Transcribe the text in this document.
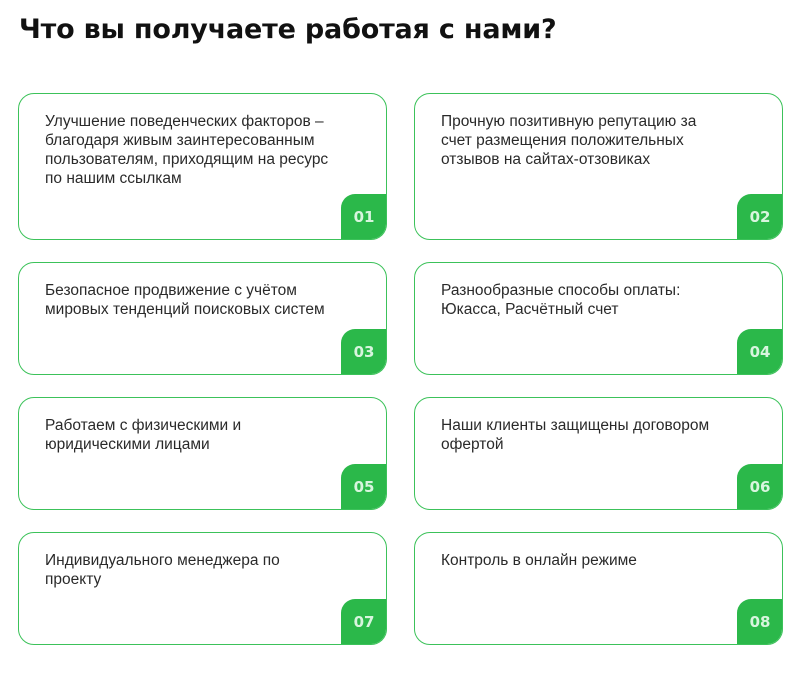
Что вы получаете работая с нами?
Улучшение поведенческих факторов – благодаря живым заинтересованным пользователям, приходящим на ресурс по нашим ссылкам
01
Прочную позитивную репутацию за счет размещения положительных отзывов на сайтах-отзовиках
02
Безопасное продвижение с учётом мировых тенденций поисковых систем
03
Разнообразные способы оплаты: Юкасса, Расчётный счет
04
Работаем с физическими и юридическими лицами
05
Наши клиенты защищены договором офертой
06
Индивидуального менеджера по проекту
07
Контроль в онлайн режиме
08
